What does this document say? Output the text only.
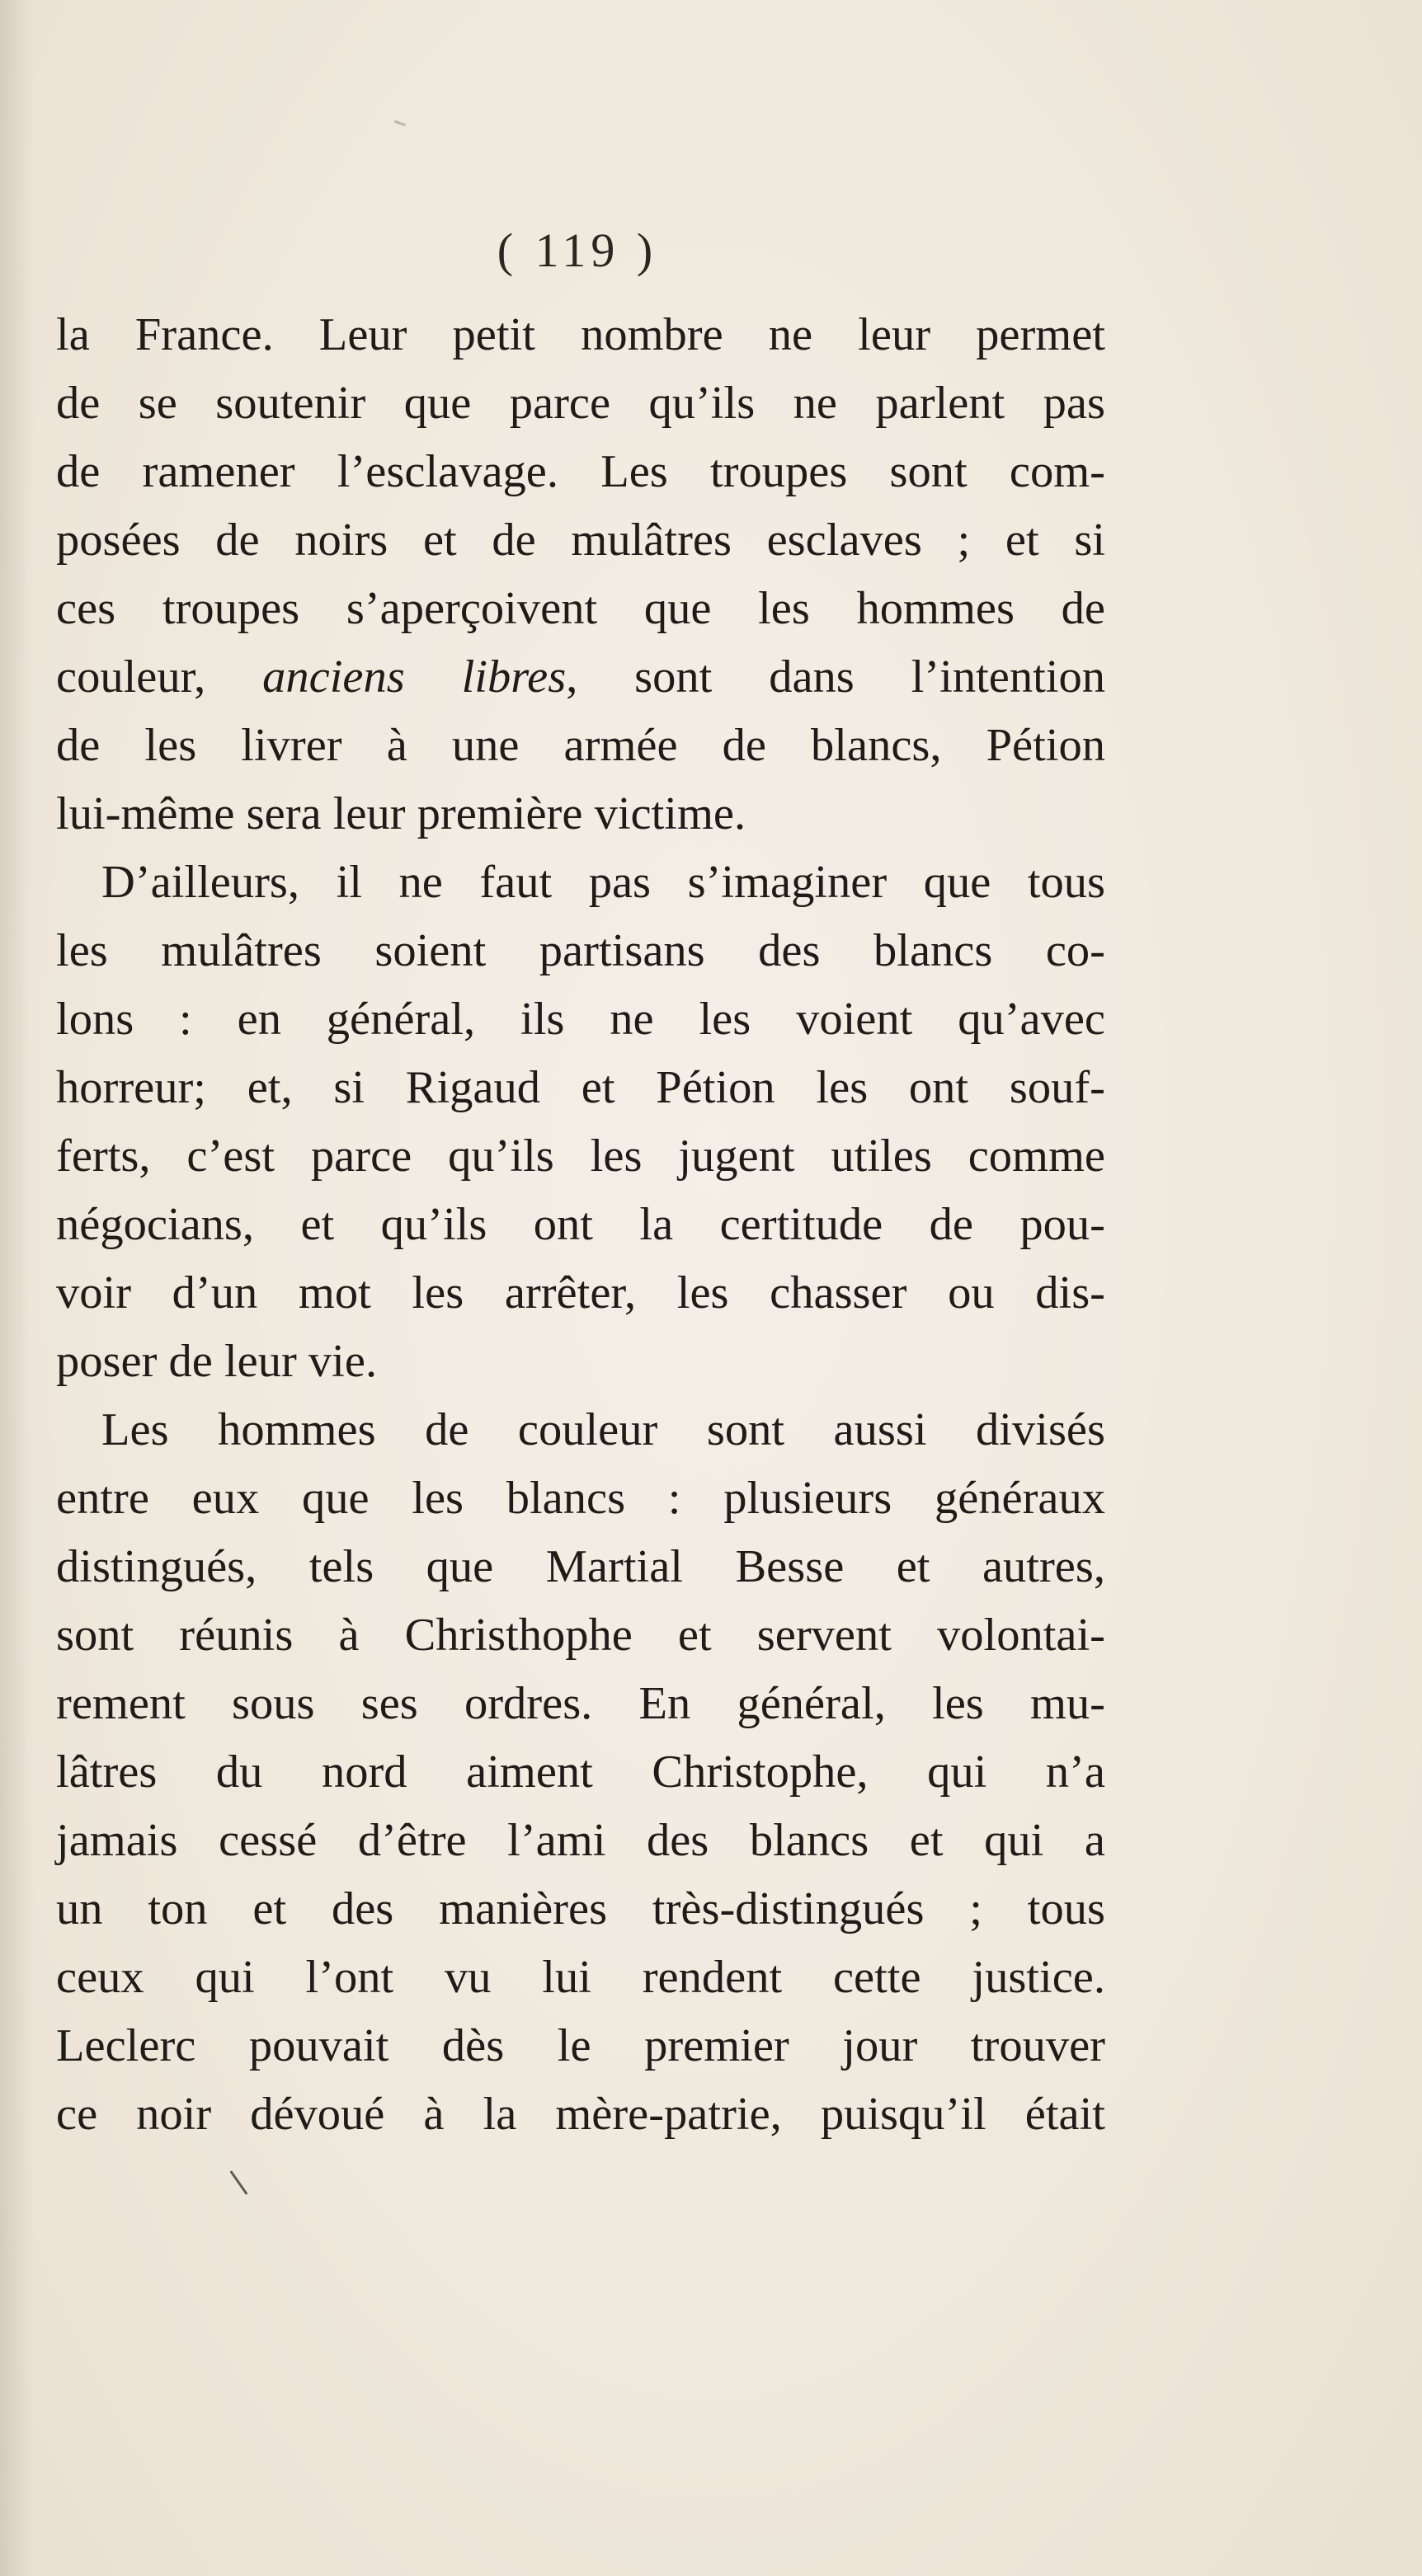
( 119 )
la France. Leur petit nombre ne leur permet
de se soutenir que parce qu’ils ne parlent pas
de ramener l’esclavage. Les troupes sont com-
posées de noirs et de mulâtres esclaves ; et si
ces troupes s’aperçoivent que les hommes de
couleur, anciens libres, sont dans l’intention
de les livrer à une armée de blancs, Pétion
lui-même sera leur première victime.
D’ailleurs, il ne faut pas s’imaginer que tous
les mulâtres soient partisans des blancs co-
lons : en général, ils ne les voient qu’avec
horreur; et, si Rigaud et Pétion les ont souf-
ferts, c’est parce qu’ils les jugent utiles comme
négocians, et qu’ils ont la certitude de pou-
voir d’un mot les arrêter, les chasser ou dis-
poser de leur vie.
Les hommes de couleur sont aussi divisés
entre eux que les blancs : plusieurs généraux
distingués, tels que Martial Besse et autres,
sont réunis à Christhophe et servent volontai-
rement sous ses ordres. En général, les mu-
lâtres du nord aiment Christophe, qui n’a
jamais cessé d’être l’ami des blancs et qui a
un ton et des manières très-distingués ; tous
ceux qui l’ont vu lui rendent cette justice.
Leclerc pouvait dès le premier jour trouver
ce noir dévoué à la mère-patrie, puisqu’il était
